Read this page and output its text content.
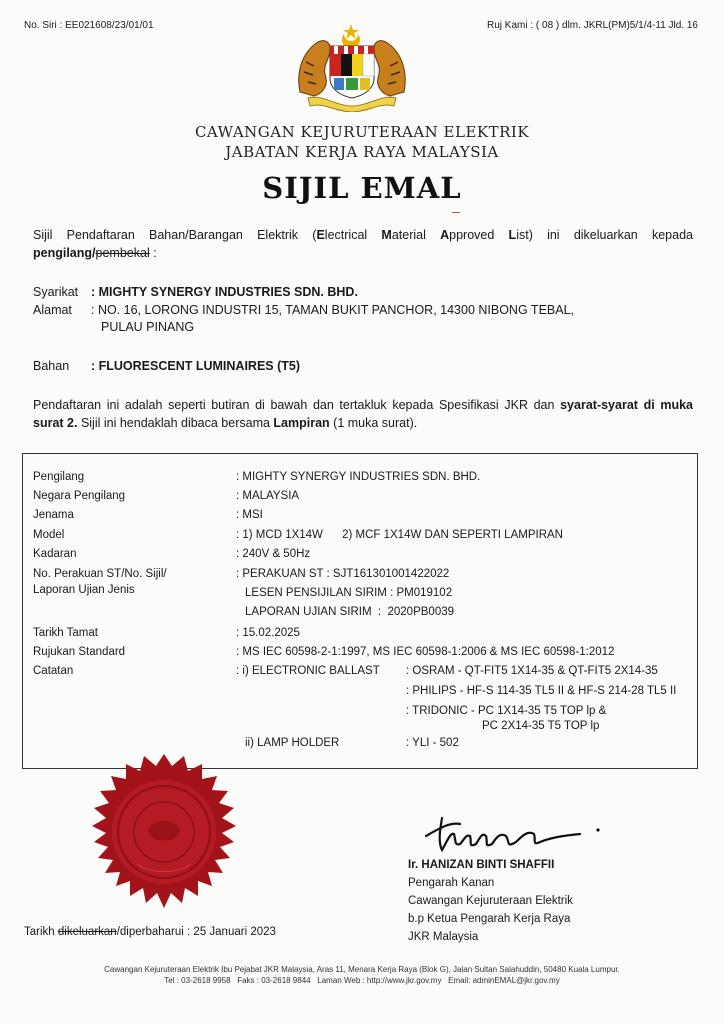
No. Siri : EE021608/23/01/01	Ruj Kami : ( 08 ) dlm. JKRL(PM)5/1/4-11 Jld. 16
CAWANGAN KEJURUTERAAN ELEKTRIK
JABATAN KERJA RAYA MALAYSIA
SIJIL EMAL
Sijil Pendaftaran Bahan/Barangan Elektrik (Electrical Material Approved List) ini dikeluarkan kepada pengilang/pembekal :
Syarikat : MIGHTY SYNERGY INDUSTRIES SDN. BHD.
Alamat : NO. 16, LORONG INDUSTRI 15, TAMAN BUKIT PANCHOR, 14300 NIBONG TEBAL,
PULAU PINANG
Bahan : FLUORESCENT LUMINAIRES (T5)
Pendaftaran ini adalah seperti butiran di bawah dan tertakluk kepada Spesifikasi JKR dan syarat-syarat di muka surat 2. Sijil ini hendaklah dibaca bersama Lampiran (1 muka surat).
Pengilang	: MIGHTY SYNERGY INDUSTRIES SDN. BHD.
Negara Pengilang	: MALAYSIA
Jenama	: MSI
Model	: 1) MCD 1X14W      2) MCF 1X14W DAN SEPERTI LAMPIRAN
Kadaran	: 240V & 50Hz
No. Perakuan ST/No. Sijil/
Laporan Ujian Jenis
: PERAKUAN ST : SJT161301001422022
LESEN PENSIJILAN SIRIM : PM019102
LAPORAN UJIAN SIRIM  :  2020PB0039
Tarikh Tamat	: 15.02.2025
Rujukan Standard	: MS IEC 60598-2-1:1997, MS IEC 60598-1:2006 & MS IEC 60598-1:2012
Catatan	: i) ELECTRONIC BALLAST : OSRAM - QT-FIT5 1X14-35 & QT-FIT5 2X14-35
: PHILIPS - HF-S 114-35 TL5 II & HF-S 214-28 TL5 II
: TRIDONIC - PC 1X14-35 T5 TOP lp &
PC 2X14-35 T5 TOP lp
ii) LAMP HOLDER	: YLI - 502
Ir. HANIZAN BINTI SHAFFII
Pengarah Kanan
Cawangan Kejuruteraan Elektrik
b.p Ketua Pengarah Kerja Raya
JKR Malaysia
Tarikh dikeluarkan/diperbaharui : 25 Januari 2023
Cawangan Kejuruteraan Elektrik Ibu Pejabat JKR Malaysia, Aras 11, Menara Kerja Raya (Blok G), Jalan Sultan Salahuddin, 50480 Kuala Lumpur.
Tel : 03-2618 9958   Faks : 03-2618 9844   Laman Web : http://www.jkr.gov.my   Email: adminEMAL@jkr.gov.my
